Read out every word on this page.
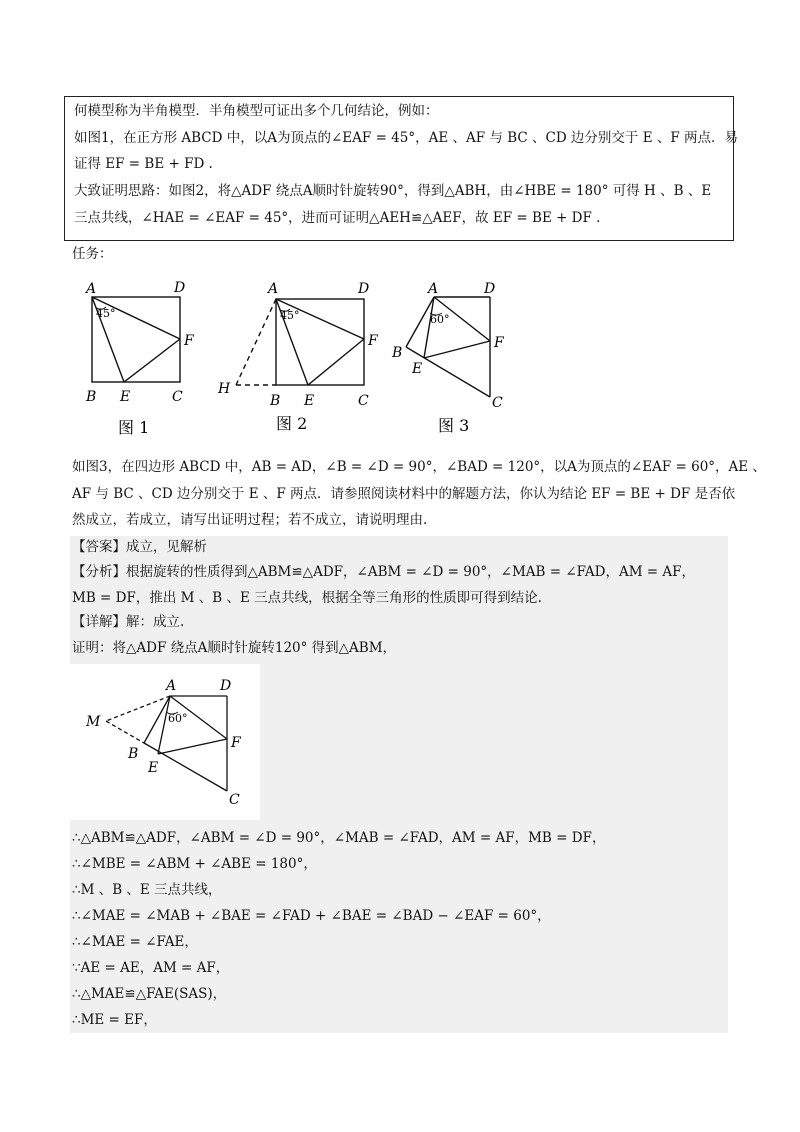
何模型称为半角模型．半角模型可证出多个几何结论，例如：
如图1，在正方形 ABCD 中，以A为顶点的∠EAF = 45°，AE 、AF 与 BC 、CD 边分别交于 E 、F 两点．易
证得 EF = BE + FD .
大致证明思路：如图2，将△ADF 绕点A顺时针旋转90°，得到△ABH，由∠HBE = 180° 可得 H 、B 、E
三点共线，∠HAE = ∠EAF = 45°，进而可证明△AEH≌△AEF，故 EF = BE + DF .
任务：
45°
A	D
F
B E	C
图 1
45°
A	D
F
H
B E	C
图 2
60°
A	D
F
B
E
C
图 3
如图3，在四边形 ABCD 中，AB = AD，∠B = ∠D = 90°，∠BAD = 120°，以A为顶点的∠EAF = 60°，AE 、
AF 与 BC 、CD 边分别交于 E 、F 两点．请参照阅读材料中的解题方法，你认为结论 EF = BE + DF 是否依
然成立，若成立，请写出证明过程；若不成立，请说明理由.
【答案】成立，见解析
【分析】根据旋转的性质得到△ABM≌△ADF，∠ABM = ∠D = 90°，∠MAB = ∠FAD，AM = AF，
MB = DF，推出 M 、B 、E 三点共线，根据全等三角形的性质即可得到结论.
【详解】解：成立.
证明：将△ADF 绕点A顺时针旋转120° 得到△ABM，
60°
A	D
M
F
B
E
C
∴△ABM≌△ADF，∠ABM = ∠D = 90°，∠MAB = ∠FAD，AM = AF，MB = DF，
∴∠MBE = ∠ABM + ∠ABE = 180°，
∴M 、B 、E 三点共线，
∴∠MAE = ∠MAB + ∠BAE = ∠FAD + ∠BAE = ∠BAD − ∠EAF = 60°，
∴∠MAE = ∠FAE，
∵AE = AE，AM = AF，
∴△MAE≌△FAE(SAS)，
∴ME = EF，
